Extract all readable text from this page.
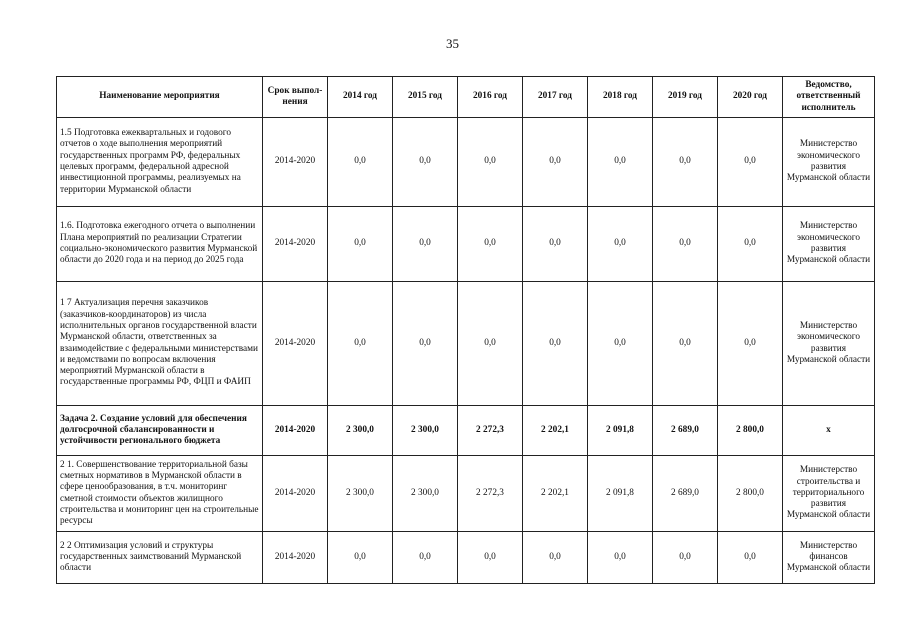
35
Наименование мероприятия	Срок выпол-нения	2014 год	2015 год	2016 год	2017 год	2018 год	2019 год	2020 год	Ведомство, ответственный исполнитель
1.5 Подготовка ежеквартальных и годового отчетов о ходе выполнения мероприятий государственных программ РФ, федеральных целевых программ, федеральной адресной инвестиционной программы, реализуемых на территории Мурманской области	2014-2020	0,0	0,0	0,0	0,0	0,0	0,0	0,0	Министерство экономического развития Мурманской области
1.6. Подготовка ежегодного отчета о выполнении Плана мероприятий по реализации Стратегии социально-экономического развития Мурманской области до 2020 года и на период до 2025 года	2014-2020	0,0	0,0	0,0	0,0	0,0	0,0	0,0	Министерство экономического развития Мурманской области
1 7 Актуализация перечня заказчиков (заказчиков-координаторов) из числа исполнительных органов государственной власти Мурманской области, ответственных за взаимодействие с федеральными министерствами и ведомствами по вопросам включения мероприятий Мурманской области в государственные программы РФ, ФЦП и ФАИП	2014-2020	0,0	0,0	0,0	0,0	0,0	0,0	0,0	Министерство экономического развития Мурманской области
Задача 2. Создание условий для обеспечения долгосрочной сбалансированности и устойчивости регионального бюджета	2014-2020	2 300,0	2 300,0	2 272,3	2 202,1	2 091,8	2 689,0	2 800,0	х
2 1. Совершенствование территориальной базы сметных нормативов в Мурманской области в сфере ценообразования, в т.ч. мониторинг сметной стоимости объектов жилищного строительства и мониторинг цен на строительные ресурсы	2014-2020	2 300,0	2 300,0	2 272,3	2 202,1	2 091,8	2 689,0	2 800,0	Министерство строительства и территориального развития Мурманской области
2 2 Оптимизация условий и структуры государственных заимствований Мурманской области	2014-2020	0,0	0,0	0,0	0,0	0,0	0,0	0,0	Министерство финансов Мурманской области
